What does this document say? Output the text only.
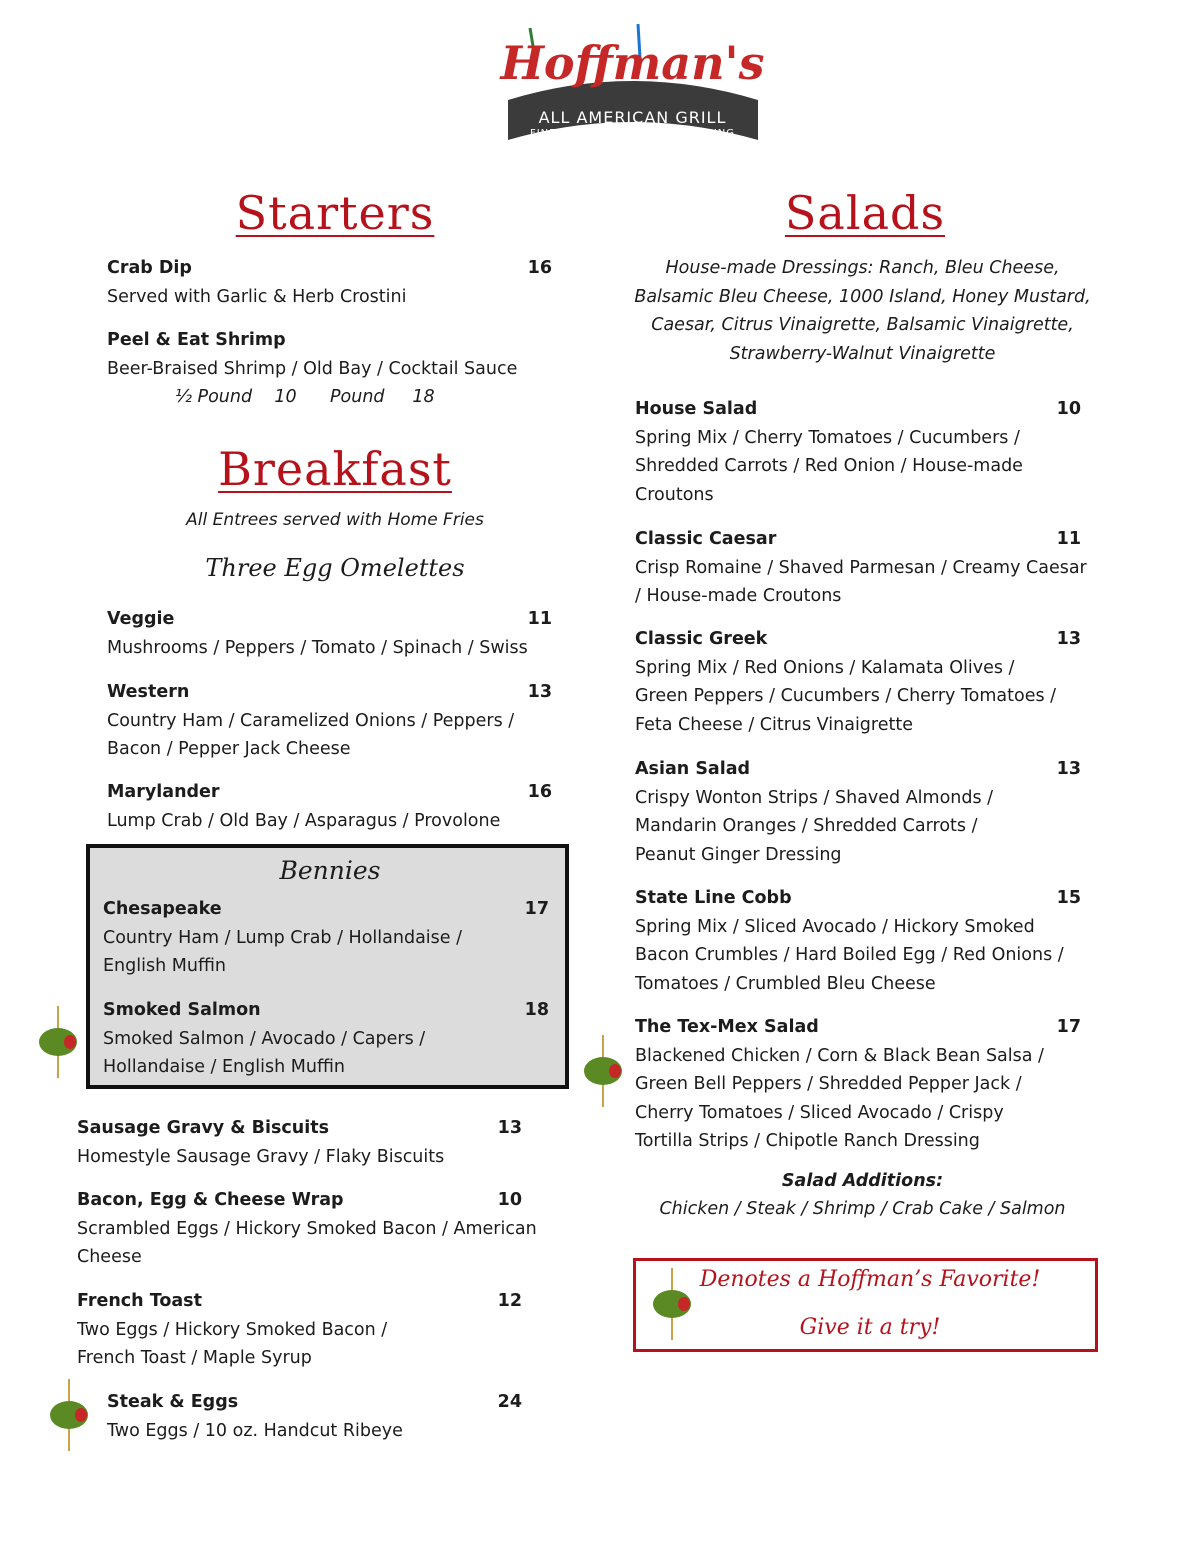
Hoffman's
ALL AMERICAN GRILL
FINE FOODS • SPIRITS • CATERING
Starters
Crab Dip	16
Served with Garlic & Herb Crostini
Peel & Eat Shrimp
Beer-Braised Shrimp / Old Bay / Cocktail Sauce
½ Pound    10      Pound     18
Breakfast
All Entrees served with Home Fries
Three Egg Omelettes
Veggie	11
Mushrooms / Peppers / Tomato / Spinach / Swiss
Western	13
Country Ham / Caramelized Onions / Peppers /
Bacon / Pepper Jack Cheese
Marylander	16
Lump Crab / Old Bay / Asparagus / Provolone
Bennies
Chesapeake	17
Country Ham / Lump Crab / Hollandaise /
English Muffin
Smoked Salmon	18
Smoked Salmon / Avocado / Capers /
Hollandaise / English Muffin
Sausage Gravy & Biscuits	13
Homestyle Sausage Gravy / Flaky Biscuits
Bacon, Egg & Cheese Wrap	10
Scrambled Eggs / Hickory Smoked Bacon / American
Cheese
French Toast	12
Two Eggs / Hickory Smoked Bacon /
French Toast / Maple Syrup
Steak & Eggs	24
Two Eggs / 10 oz. Handcut Ribeye
Salads
House-made Dressings: Ranch, Bleu Cheese,
Balsamic Bleu Cheese, 1000 Island, Honey Mustard,
Caesar, Citrus Vinaigrette, Balsamic Vinaigrette,
Strawberry-Walnut Vinaigrette
House Salad	10
Spring Mix / Cherry Tomatoes / Cucumbers /
Shredded Carrots / Red Onion / House-made
Croutons
Classic Caesar	11
Crisp Romaine / Shaved Parmesan / Creamy Caesar
/ House-made Croutons
Classic Greek	13
Spring Mix / Red Onions / Kalamata Olives /
Green Peppers / Cucumbers / Cherry Tomatoes /
Feta Cheese / Citrus Vinaigrette
Asian Salad	13
Crispy Wonton Strips / Shaved Almonds /
Mandarin Oranges / Shredded Carrots /
Peanut Ginger Dressing
State Line Cobb	15
Spring Mix / Sliced Avocado / Hickory Smoked
Bacon Crumbles / Hard Boiled Egg / Red Onions /
Tomatoes / Crumbled Bleu Cheese
The Tex-Mex Salad	17
Blackened Chicken / Corn & Black Bean Salsa /
Green Bell Peppers / Shredded Pepper Jack /
Cherry Tomatoes / Sliced Avocado / Crispy
Tortilla Strips / Chipotle Ranch Dressing
Salad Additions:
Chicken / Steak / Shrimp / Crab Cake / Salmon
Denotes a Hoffman’s Favorite!
Give it a try!
